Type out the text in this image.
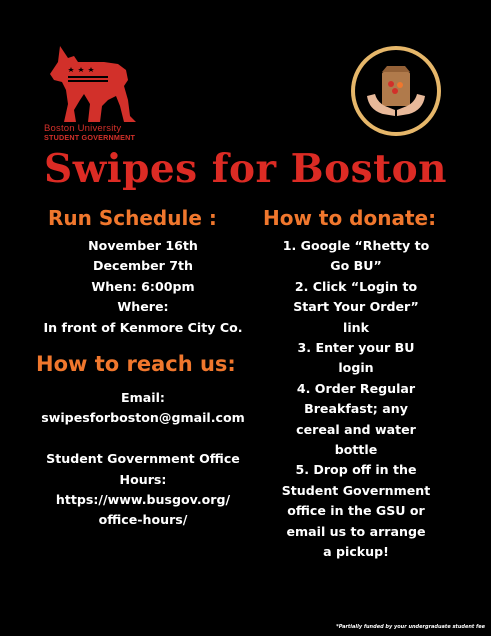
Boston University
STUDENT GOVERNMENT
Swipes for Boston
Run Schedule : How to donate:
November 16th
December 7th
When: 6:00pm
Where:
In front of Kenmore City Co.
How to reach us:
Email:
swipesforboston@gmail.com

Student Government Office
Hours:
https://www.busgov.org/
office-hours/
1. Google “Rhetty to
Go BU”
2. Click “Login to
Start Your Order”
link
3. Enter your BU
login
4. Order Regular
Breakfast; any
cereal and water
bottle
5. Drop off in the
Student Government
office in the GSU or
email us to arrange
a pickup!
*Partially funded by your undergraduate student fee
